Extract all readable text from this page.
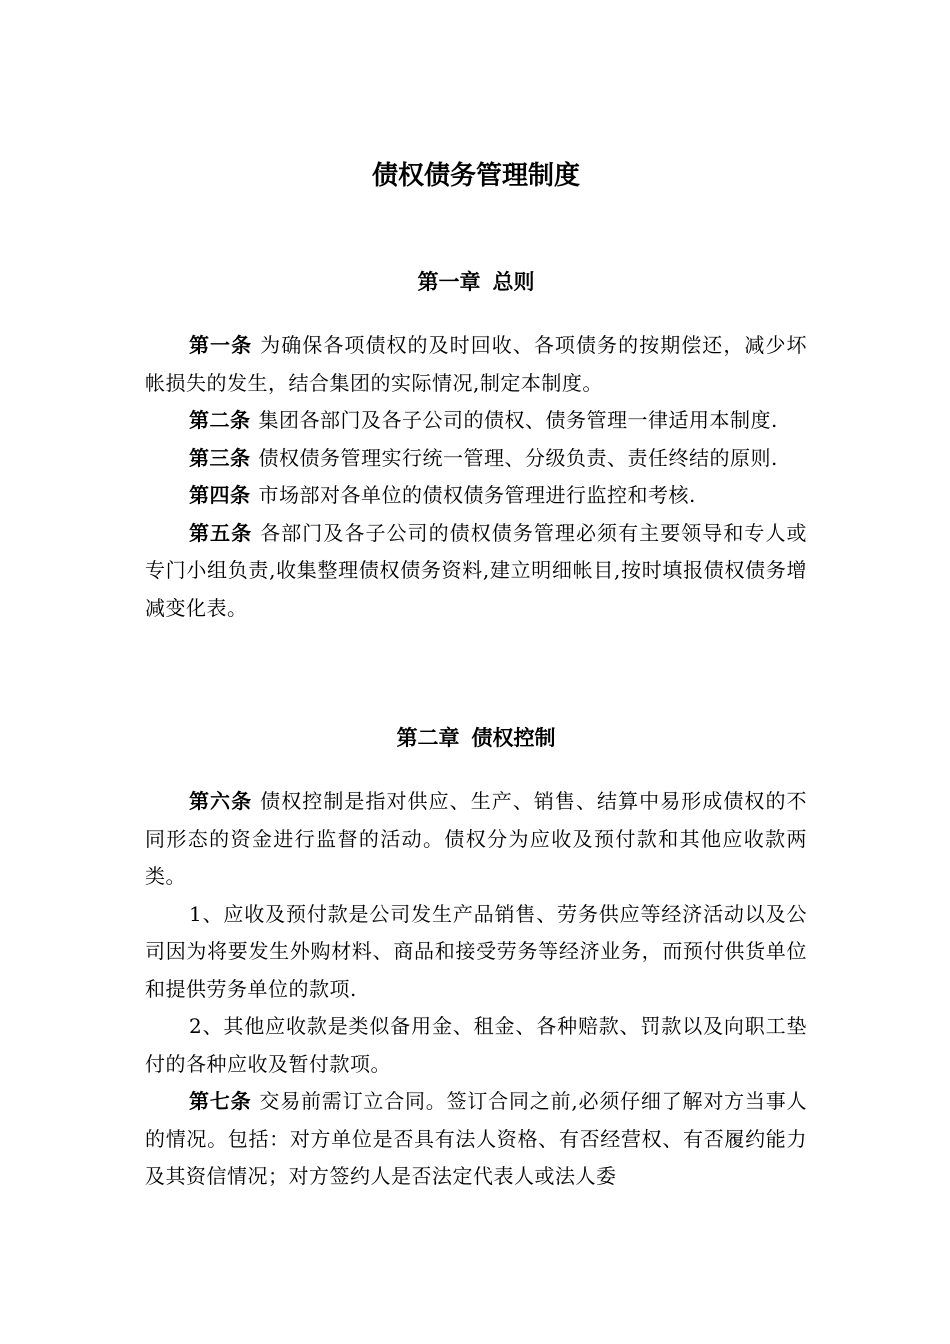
债权债务管理制度
第一章 总则

第一条 为确保各项债权的及时回收、各项债务的按期偿还，减少坏帐损失的发生，结合集团的实际情况,制定本制度。

第二条 集团各部门及各子公司的债权、债务管理一律适用本制度.

第三条 债权债务管理实行统一管理、分级负责、责任终结的原则.

第四条 市场部对各单位的债权债务管理进行监控和考核.

第五条 各部门及各子公司的债权债务管理必须有主要领导和专人或专门小组负责,收集整理债权债务资料,建立明细帐目,按时填报债权债务增减变化表。

第二章 债权控制

第六条 债权控制是指对供应、生产、销售、结算中易形成债权的不同形态的资金进行监督的活动。债权分为应收及预付款和其他应收款两类。

1、应收及预付款是公司发生产品销售、劳务供应等经济活动以及公司因为将要发生外购材料、商品和接受劳务等经济业务，而预付供货单位和提供劳务单位的款项.

2、其他应收款是类似备用金、租金、各种赔款、罚款以及向职工垫付的各种应收及暂付款项。

第七条 交易前需订立合同。签订合同之前,必须仔细了解对方当事人的情况。包括：对方单位是否具有法人资格、有否经营权、有否履约能力及其资信情况；对方签约人是否法定代表人或法人委
